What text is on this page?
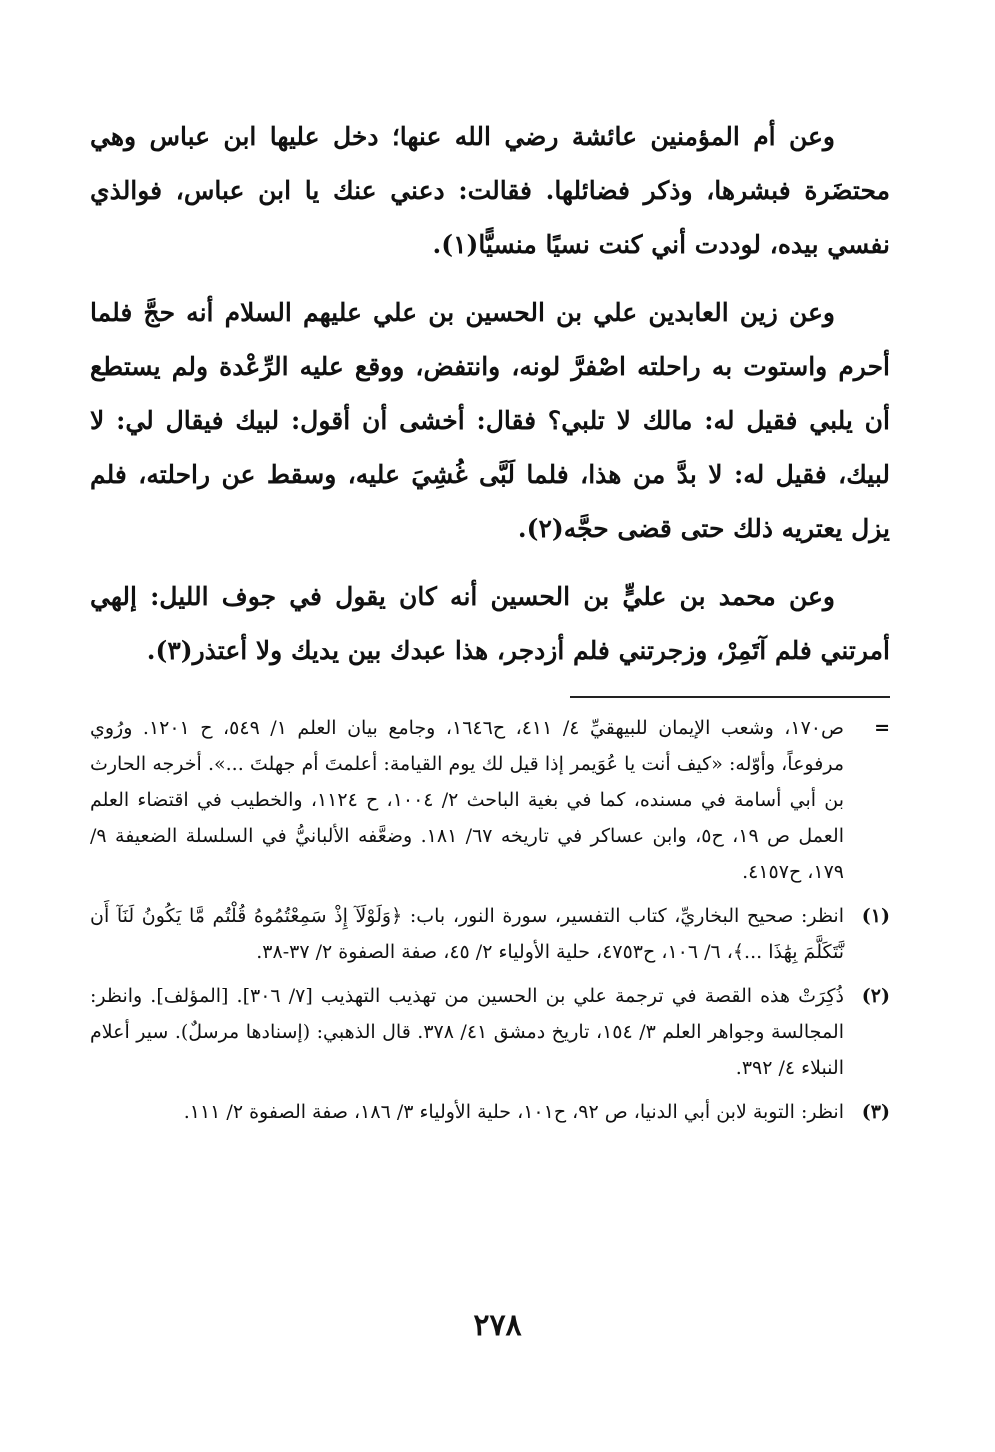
وعن أم المؤمنين عائشة رضي الله عنها؛ دخل عليها ابن عباس وهي محتضَرة فبشرها، وذكر فضائلها. فقالت: دعني عنك يا ابن عباس، فوالذي نفسي بيده، لوددت أني كنت نسيًا منسيًّا(١).

وعن زين العابدين علي بن الحسين بن علي عليهم السلام أنه حجَّ فلما أحرم واستوت به راحلته اصْفرَّ لونه، وانتفض، ووقع عليه الرِّعْدة ولم يستطع أن يلبي فقيل له: مالك لا تلبي؟ فقال: أخشى أن أقول: لبيك فيقال لي: لا لبيك، فقيل له: لا بدَّ من هذا، فلما لَبَّى غُشِيَ عليه، وسقط عن راحلته، فلم يزل يعتريه ذلك حتى قضى حجَّه(٢).

وعن محمد بن عليٍّ بن الحسين أنه كان يقول في جوف الليل: إلهي أمرتني فلم آتَمِرْ، وزجرتني فلم أزدجر، هذا عبدك بين يديك ولا أعتذر(٣).

=
ص١٧٠، وشعب الإيمان للبيهقيِّ ٤/ ٤١١، ح١٦٤٦، وجامع بيان العلم ١/ ٥٤٩، ح ١٢٠١. ورُوي مرفوعاً، وأوّله: «كيف أنت يا عُوَيمر إذا قيل لك يوم القيامة: أعلمتَ أم جهلتَ ...». أخرجه الحارث بن أبي أسامة في مسنده، كما في بغية الباحث ٢/ ١٠٠٤، ح ١١٢٤، والخطيب في اقتضاء العلم العمل ص ١٩، ح٥، وابن عساكر في تاريخه ٦٧/ ١٨١. وضعَّفه الألبانيُّ في السلسلة الضعيفة ٩/ ١٧٩، ح٤١٥٧.
(١)
انظر: صحيح البخاريِّ، كتاب التفسير، سورة النور، باب: ﴿وَلَوْلَآ إِذْ سَمِعْتُمُوهُ قُلْتُم مَّا يَكُونُ لَنَآ أَن نَّتَكَلَّمَ بِهَٰذَا ...﴾، ٦/ ١٠٦، ح٤٧٥٣، حلية الأولياء ٢/ ٤٥، صفة الصفوة ٢/ ٣٧-٣٨.
(٢)
ذُكِرَتْ هذه القصة في ترجمة علي بن الحسين من تهذيب التهذيب [٧/ ٣٠٦]. [المؤلف]. وانظر: المجالسة وجواهر العلم ٣/ ١٥٤، تاريخ دمشق ٤١/ ٣٧٨. قال الذهبي: (إسنادها مرسلٌ). سير أعلام النبلاء ٤/ ٣٩٢.
(٣)
انظر: التوبة لابن أبي الدنيا، ص ٩٢، ح١٠١، حلية الأولياء ٣/ ١٨٦، صفة الصفوة ٢/ ١١١.
٢٧٨
